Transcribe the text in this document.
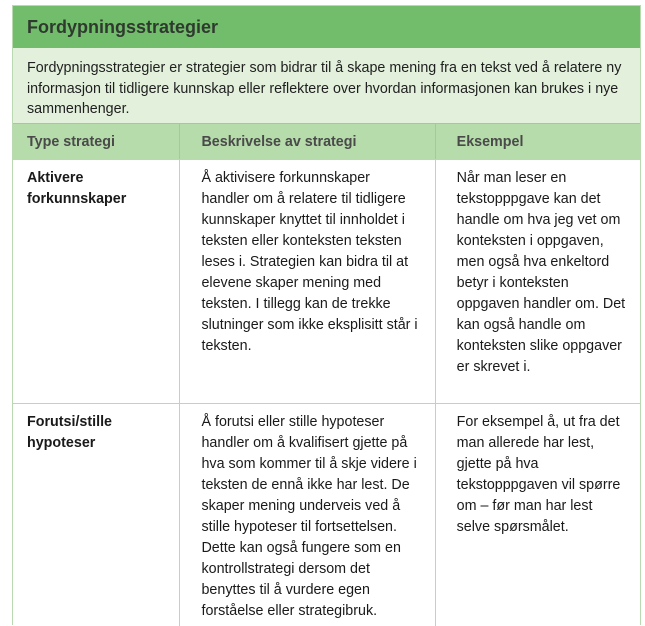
Fordypningsstrategier
Fordypningsstrategier er strategier som bidrar til å skape mening fra en tekst ved å relatere ny informasjon til tidligere kunnskap eller reflektere over hvordan informasjonen kan brukes i nye sammenhenger.
Type strategi	Beskrivelse av strategi	Eksempel
Aktivere forkunnskaper
Å aktivisere forkunnskaper handler om å relatere til tidligere kunnskaper knyttet til innholdet i teksten eller konteksten teksten leses i. Strategien kan bidra til at elevene skaper mening med teksten. I tillegg kan de trekke slutninger som ikke eksplisitt står i teksten.
Når man leser en tekstopppgave kan det handle om hva jeg vet om konteksten i oppgaven, men også hva enkeltord betyr i konteksten oppgaven handler om. Det kan også handle om konteksten slike oppgaver er skrevet i.
Forutsi/stille hypoteser
Å forutsi eller stille hypoteser handler om å kvalifisert gjette på hva som kommer til å skje videre i teksten de ennå ikke har lest. De skaper mening underveis ved å stille hypoteser til fortsettelsen. Dette kan også fungere som en kontrollstrategi dersom det benyttes til å vurdere egen forståelse eller strategibruk.
For eksempel å, ut fra det man allerede har lest, gjette på hva tekstopppgaven vil spørre om – før man har lest selve spørsmålet.
